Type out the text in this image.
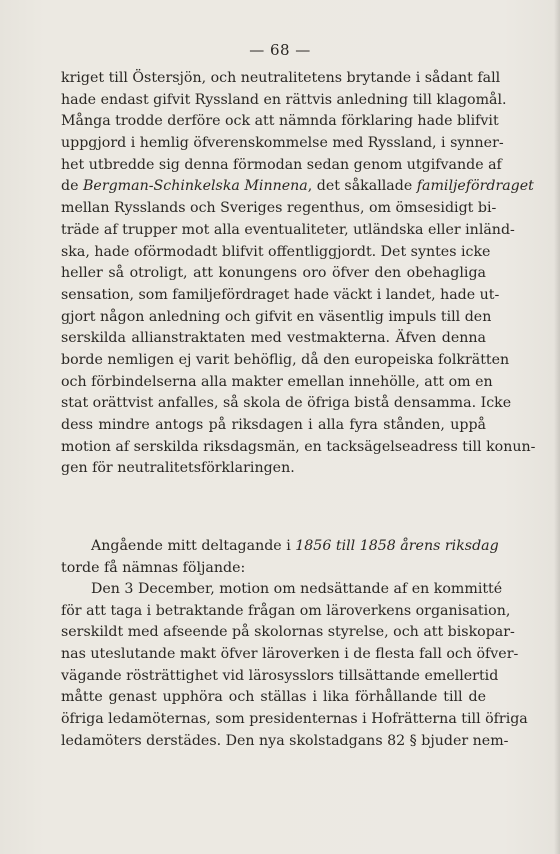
— 68 —
kriget till Östersjön, och neutralitetens brytande i sådant fall
hade endast gifvit Ryssland en rättvis anledning till klagomål.
Många trodde derföre ock att nämnda förklaring hade blifvit
uppgjord i hemlig öfverenskommelse med Ryssland, i synner-
het utbredde sig denna förmodan sedan genom utgifvande af
de Bergman-Schinkelska Minnena, det såkallade familjefördraget
mellan Rysslands och Sveriges regenthus, om ömsesidigt bi-
träde af trupper mot alla eventualiteter, utländska eller inländ-
ska, hade oförmodadt blifvit offentliggjordt. Det syntes icke
heller så otroligt, att konungens oro öfver den obehagliga
sensation, som familjefördraget hade väckt i landet, hade ut-
gjort någon anledning och gifvit en väsentlig impuls till den
serskilda allianstraktaten med vestmakterna. Äfven denna
borde nemligen ej varit behöflig, då den europeiska folkrätten
och förbindelserna alla makter emellan innehölle, att om en
stat orättvist anfalles, så skola de öfriga bistå densamma. Icke
dess mindre antogs på riksdagen i alla fyra stånden, uppå
motion af serskilda riksdagsmän, en tacksägelseadress till konun-
gen för neutralitetsförklaringen.
Angående mitt deltagande i 1856 till 1858 årens riksdag
torde få nämnas följande:
Den 3 December, motion om nedsättande af en kommitté
för att taga i betraktande frågan om läroverkens organisation,
serskildt med afseende på skolornas styrelse, och att biskopar-
nas uteslutande makt öfver läroverken i de flesta fall och öfver-
vägande rösträttighet vid lärosysslors tillsättande emellertid
måtte genast upphöra och ställas i lika förhållande till de
öfriga ledamöternas, som presidenternas i Hofrätterna till öfriga
ledamöters derstädes. Den nya skolstadgans 82 § bjuder nem-
